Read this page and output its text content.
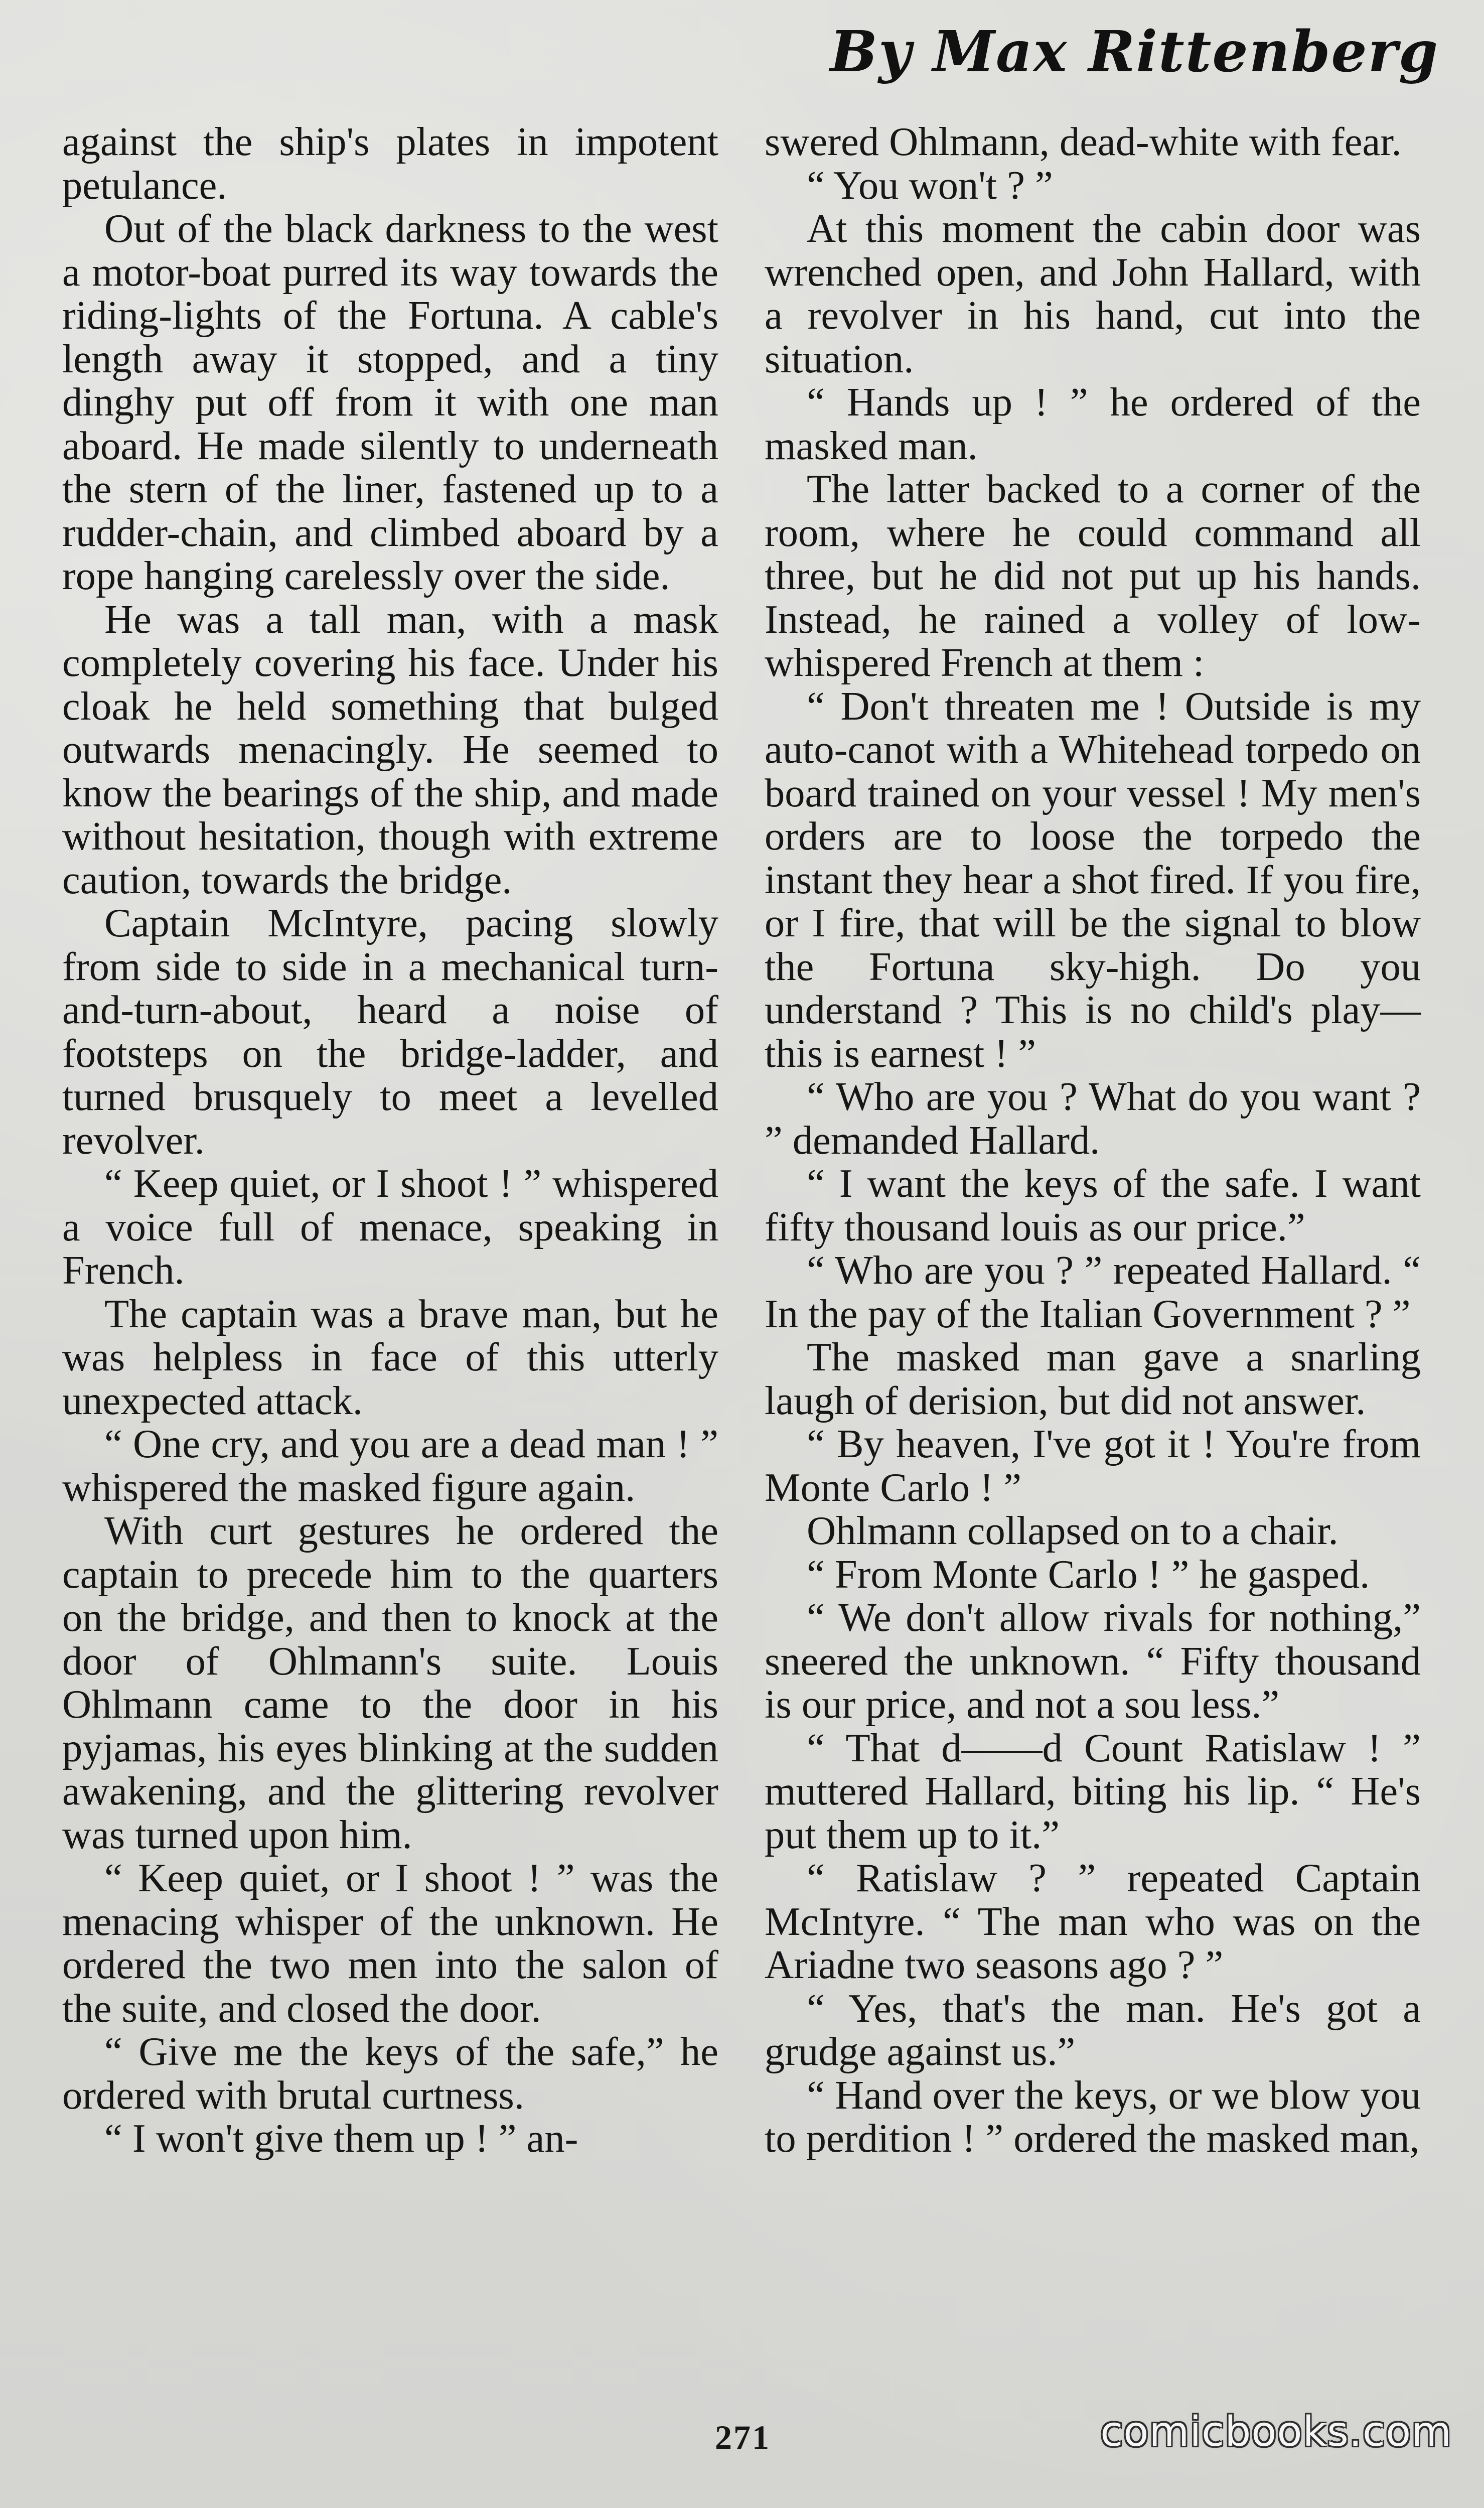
By Max Rittenberg

against the ship's plates in impotent petulance.

Out of the black darkness to the west a motor-boat purred its way towards the riding-lights of the Fortuna. A cable's length away it stopped, and a tiny dinghy put off from it with one man aboard. He made silently to underneath the stern of the liner, fastened up to a rudder-chain, and climbed aboard by a rope hanging carelessly over the side.

He was a tall man, with a mask completely covering his face. Under his cloak he held something that bulged outwards menacingly. He seemed to know the bearings of the ship, and made without hesitation, though with extreme caution, towards the bridge.

Captain McIntyre, pacing slowly from side to side in a mechanical turn-and-turn-about, heard a noise of footsteps on the bridge-ladder, and turned brusquely to meet a levelled revolver.

“ Keep quiet, or I shoot ! ” whispered a voice full of menace, speaking in French.

The captain was a brave man, but he was helpless in face of this utterly unexpected attack.

“ One cry, and you are a dead man ! ” whispered the masked figure again.

With curt gestures he ordered the captain to precede him to the quarters on the bridge, and then to knock at the door of Ohlmann's suite. Louis Ohlmann came to the door in his pyjamas, his eyes blinking at the sudden awakening, and the glittering revolver was turned upon him.

“ Keep quiet, or I shoot ! ” was the menacing whisper of the unknown. He ordered the two men into the salon of the suite, and closed the door.

“ Give me the keys of the safe,” he ordered with brutal curtness.

“ I won't give them up ! ” an-

swered Ohlmann, dead-white with fear.

“ You won't ? ”

At this moment the cabin door was wrenched open, and John Hallard, with a revolver in his hand, cut into the situation.

“ Hands up ! ” he ordered of the masked man.

The latter backed to a corner of the room, where he could command all three, but he did not put up his hands. Instead, he rained a volley of low-whispered French at them :

“ Don't threaten me ! Outside is my auto-canot with a Whitehead torpedo on board trained on your vessel ! My men's orders are to loose the torpedo the instant they hear a shot fired. If you fire, or I fire, that will be the signal to blow the Fortuna sky-high. Do you understand ? This is no child's play—this is earnest ! ”

“ Who are you ? What do you want ? ” demanded Hallard.

“ I want the keys of the safe. I want fifty thousand louis as our price.”

“ Who are you ? ” repeated Hallard. “ In the pay of the Italian Government ? ”

The masked man gave a snarling laugh of derision, but did not answer.

“ By heaven, I've got it ! You're from Monte Carlo ! ”

Ohlmann collapsed on to a chair.

“ From Monte Carlo ! ” he gasped.

“ We don't allow rivals for nothing,” sneered the unknown. “ Fifty thousand is our price, and not a sou less.”

“ That d——d Count Ratislaw ! ” muttered Hallard, biting his lip. “ He's put them up to it.”

“ Ratislaw ? ” repeated Captain McIntyre. “ The man who was on the Ariadne two seasons ago ? ”

“ Yes, that's the man. He's got a grudge against us.”

“ Hand over the keys, or we blow you to perdition ! ” ordered the masked man,

271	comicbooks.com
